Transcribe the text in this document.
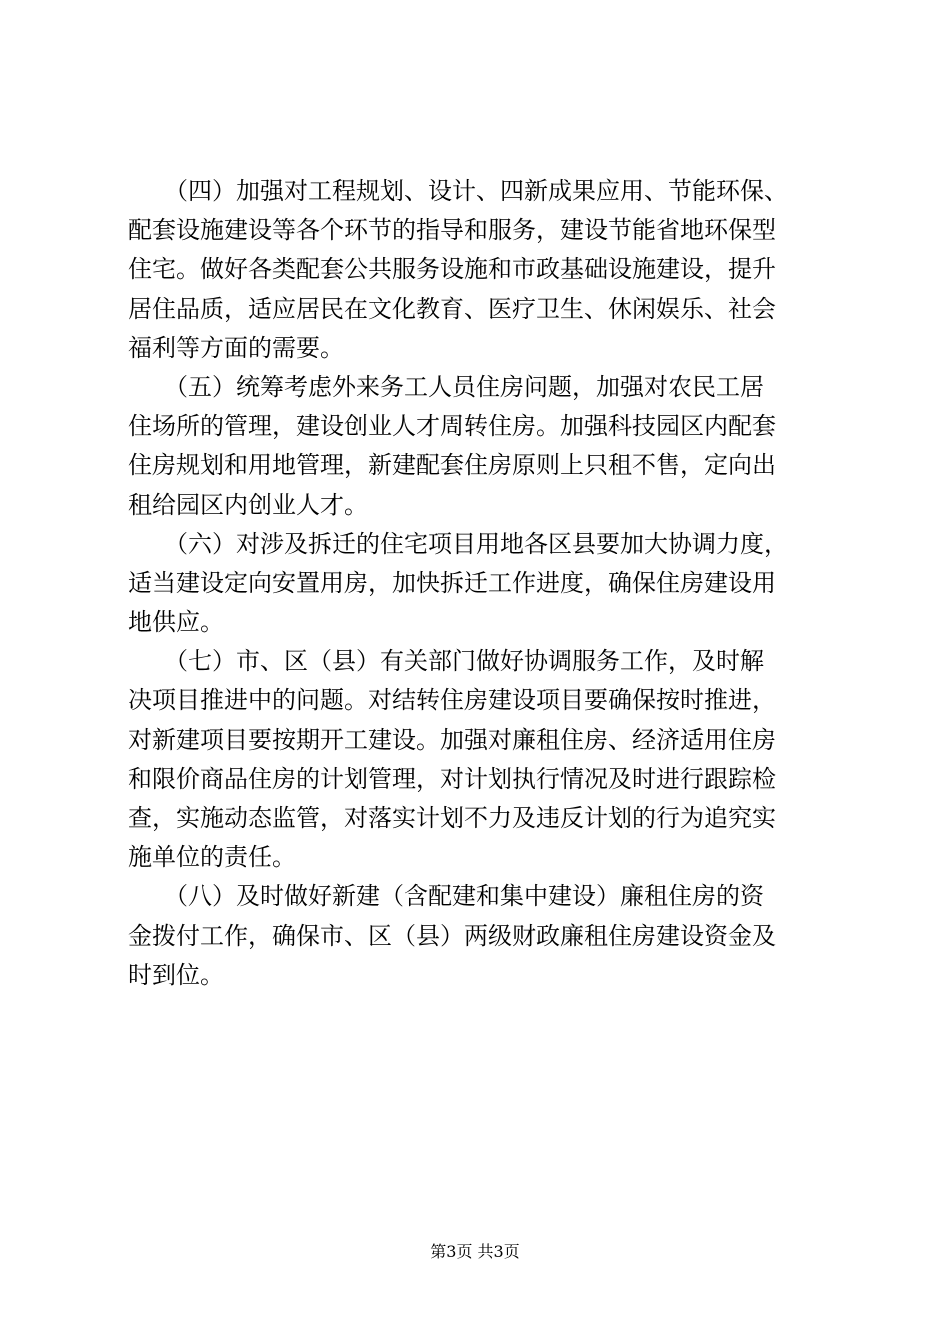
　　（四）加强对工程规划、设计、四新成果应用、节能环保、
配套设施建设等各个环节的指导和服务，建设节能省地环保型
住宅。做好各类配套公共服务设施和市政基础设施建设，提升
居住品质，适应居民在文化教育、医疗卫生、休闲娱乐、社会
福利等方面的需要。
　　（五）统筹考虑外来务工人员住房问题，加强对农民工居
住场所的管理，建设创业人才周转住房。加强科技园区内配套
住房规划和用地管理，新建配套住房原则上只租不售，定向出
租给园区内创业人才。
　　（六）对涉及拆迁的住宅项目用地各区县要加大协调力度，
适当建设定向安置用房，加快拆迁工作进度，确保住房建设用
地供应。
　　（七）市、区（县）有关部门做好协调服务工作，及时解
决项目推进中的问题。对结转住房建设项目要确保按时推进，
对新建项目要按期开工建设。加强对廉租住房、经济适用住房
和限价商品住房的计划管理，对计划执行情况及时进行跟踪检
查，实施动态监管，对落实计划不力及违反计划的行为追究实
施单位的责任。
　　（八）及时做好新建（含配建和集中建设）廉租住房的资
金拨付工作，确保市、区（县）两级财政廉租住房建设资金及
时到位。
第3页 共3页
